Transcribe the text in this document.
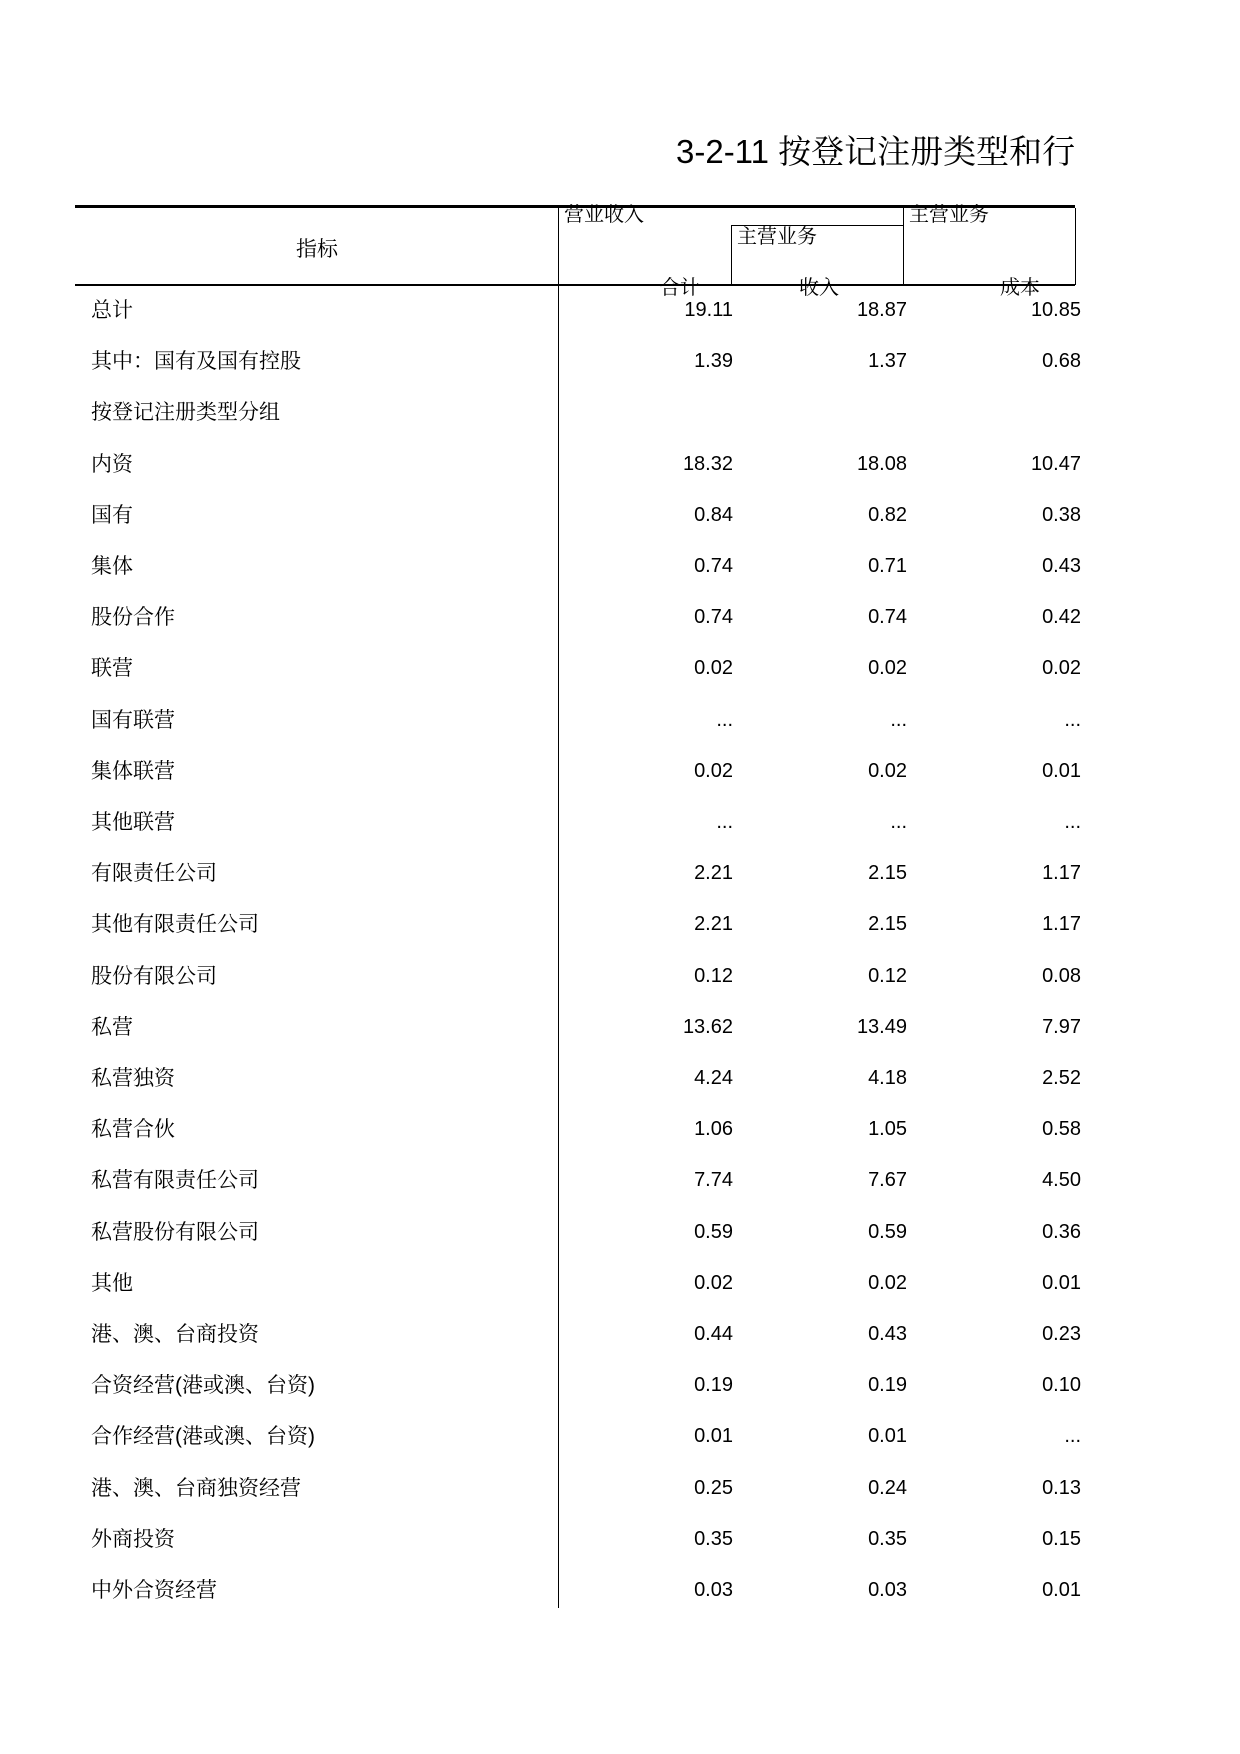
3-2-11 按登记注册类型和行
指标
营业收入
主营业务
合计	收入
主营业务
成本
总计	19.11	18.87	10.85
其中：国有及国有控股	1.39	1.37	0.68
按登记注册类型分组
内资	18.32	18.08	10.47
国有	0.84	0.82	0.38
集体	0.74	0.71	0.43
股份合作	0.74	0.74	0.42
联营	0.02	0.02	0.02
国有联营	...	...	...
集体联营	0.02	0.02	0.01
其他联营	...	...	...
有限责任公司	2.21	2.15	1.17
其他有限责任公司	2.21	2.15	1.17
股份有限公司	0.12	0.12	0.08
私营	13.62	13.49	7.97
私营独资	4.24	4.18	2.52
私营合伙	1.06	1.05	0.58
私营有限责任公司	7.74	7.67	4.50
私营股份有限公司	0.59	0.59	0.36
其他	0.02	0.02	0.01
港、澳、台商投资	0.44	0.43	0.23
合资经营(港或澳、台资)	0.19	0.19	0.10
合作经营(港或澳、台资)	0.01	0.01	...
港、澳、台商独资经营	0.25	0.24	0.13
外商投资	0.35	0.35	0.15
中外合资经营	0.03	0.03	0.01
